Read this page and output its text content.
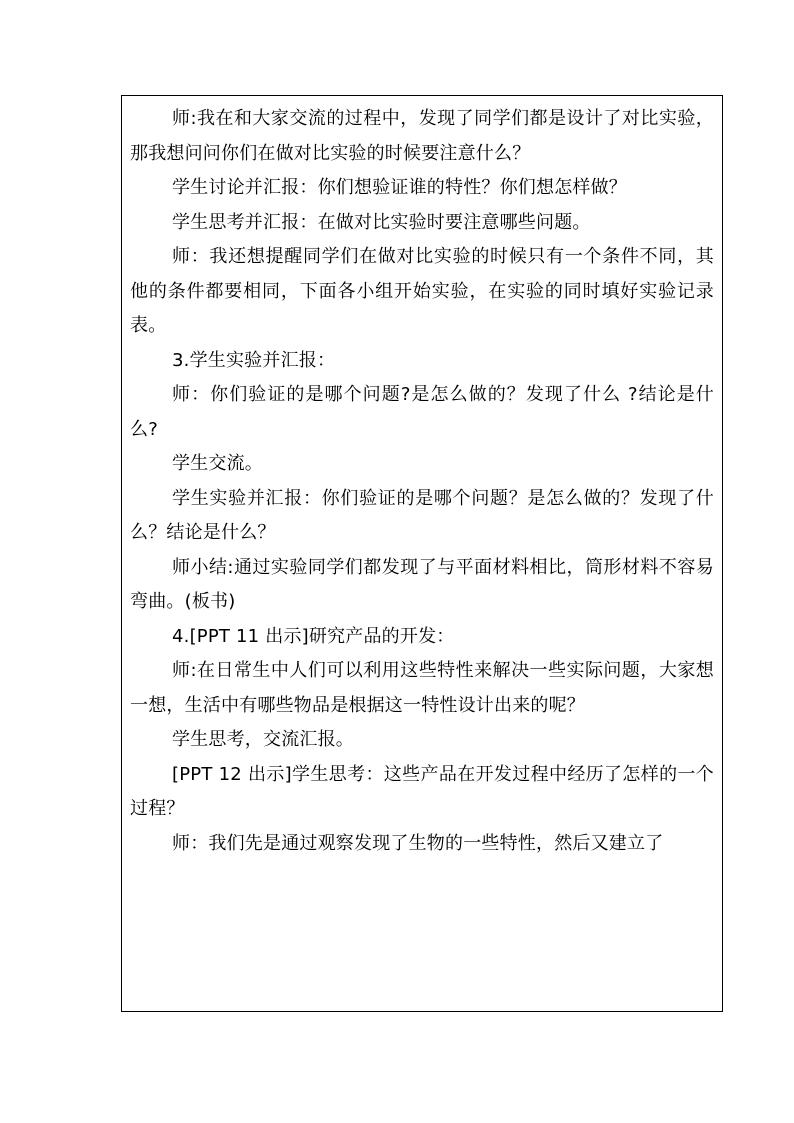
师:我在和大家交流的过程中，发现了同学们都是设计了对比实验，那我想问问你们在做对比实验的时候要注意什么？

学生讨论并汇报：你们想验证谁的特性？你们想怎样做？

学生思考并汇报：在做对比实验时要注意哪些问题。

师：我还想提醒同学们在做对比实验的时候只有一个条件不同，其他的条件都要相同，下面各小组开始实验，在实验的同时填好实验记录表。

3.学生实验并汇报：

师：你们验证的是哪个问题?是怎么做的？发现了什么 ?结论是什么?

学生交流。

学生实验并汇报：你们验证的是哪个问题？是怎么做的？发现了什么？结论是什么？

师小结:通过实验同学们都发现了与平面材料相比，筒形材料不容易弯曲。(板书)

4.[PPT 11 出示]研究产品的开发：

师:在日常生中人们可以利用这些特性来解决一些实际问题，大家想一想，生活中有哪些物品是根据这一特性设计出来的呢？

学生思考，交流汇报。

[PPT 12 出示]学生思考：这些产品在开发过程中经历了怎样的一个过程？

师：我们先是通过观察发现了生物的一些特性，然后又建立了
